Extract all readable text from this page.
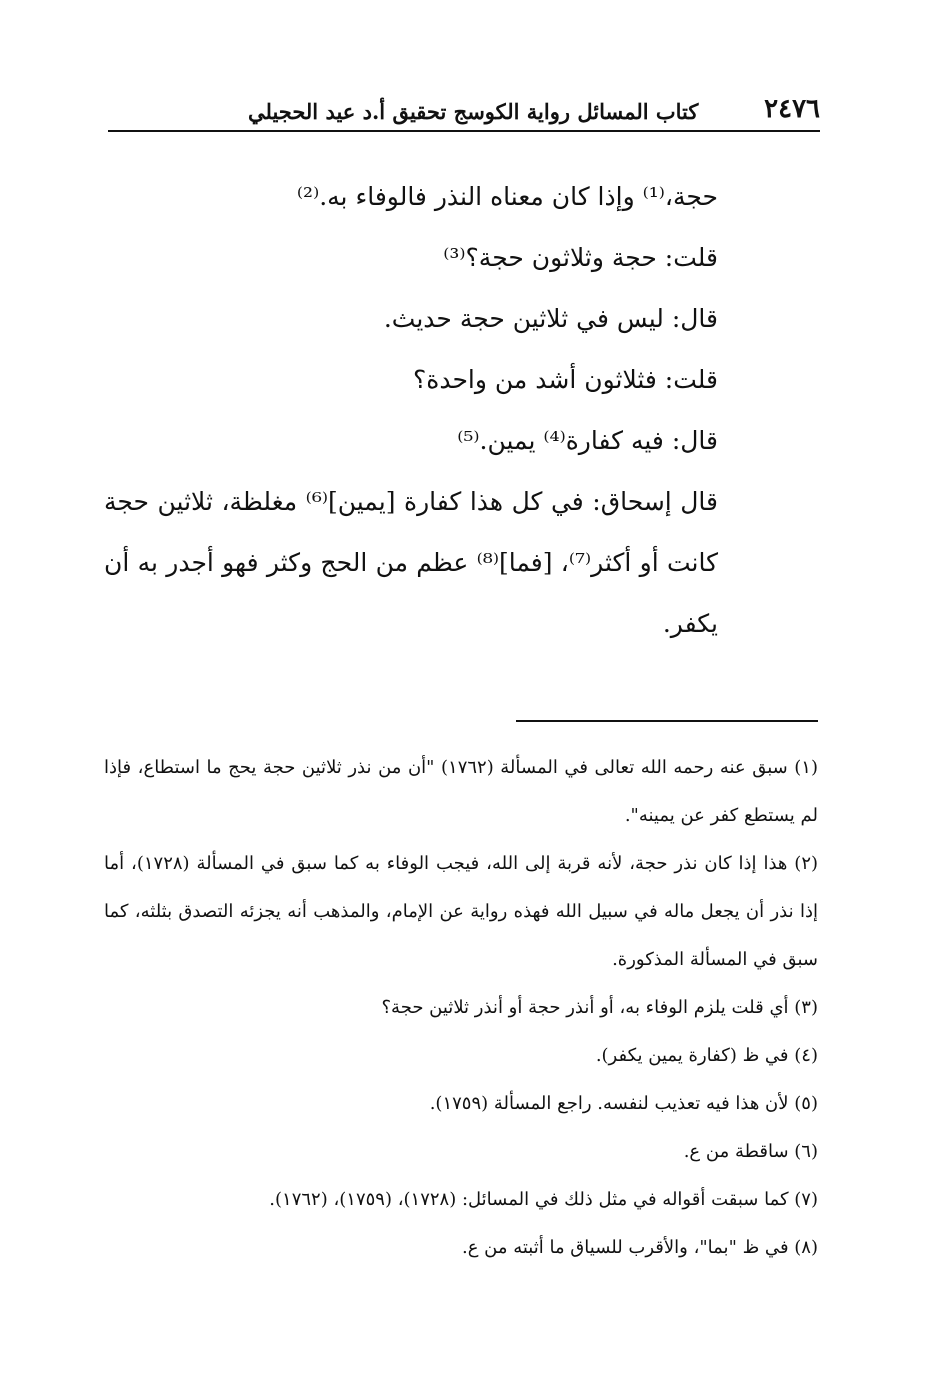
٢٤٧٦
كتاب المسائل رواية الكوسج تحقيق أ.د عيد الحجيلي

حجة،⁽¹⁾ وإذا كان معناه النذر فالوفاء به.⁽²⁾

قلت: حجة وثلاثون حجة؟⁽³⁾

قال: ليس في ثلاثين حجة حديث.

قلت: فثلاثون أشد من واحدة؟

قال: فيه كفارة⁽⁴⁾ يمين.⁽⁵⁾

قال إسحاق: في كل هذا كفارة [يمين]⁽⁶⁾ مغلظة، ثلاثين حجة كانت أو أكثر⁽⁷⁾، [فما]⁽⁸⁾ عظم من الحج وكثر فهو أجدر به أن يكفر.

(١) سبق عنه رحمه الله تعالى في المسألة (١٧٦٢) "أن من نذر ثلاثين حجة يحج ما استطاع، فإذا لم يستطع كفر عن يمينه".

(٢) هذا إذا كان نذر حجة، لأنه قربة إلى الله، فيجب الوفاء به كما سبق في المسألة (١٧٢٨)، أما إذا نذر أن يجعل ماله في سبيل الله فهذه رواية عن الإمام، والمذهب أنه يجزئه التصدق بثلثه، كما سبق في المسألة المذكورة.

(٣) أي قلت يلزم الوفاء به، أو أنذر حجة أو أنذر ثلاثين حجة؟

(٤) في ظ (كفارة يمين يكفر).

(٥) لأن هذا فيه تعذيب لنفسه. راجع المسألة (١٧٥٩).

(٦) ساقطة من ع.

(٧) كما سبقت أقواله في مثل ذلك في المسائل: (١٧٢٨)، (١٧٥٩)، (١٧٦٢).

(٨) في ظ "بما"، والأقرب للسياق ما أثبته من ع.
